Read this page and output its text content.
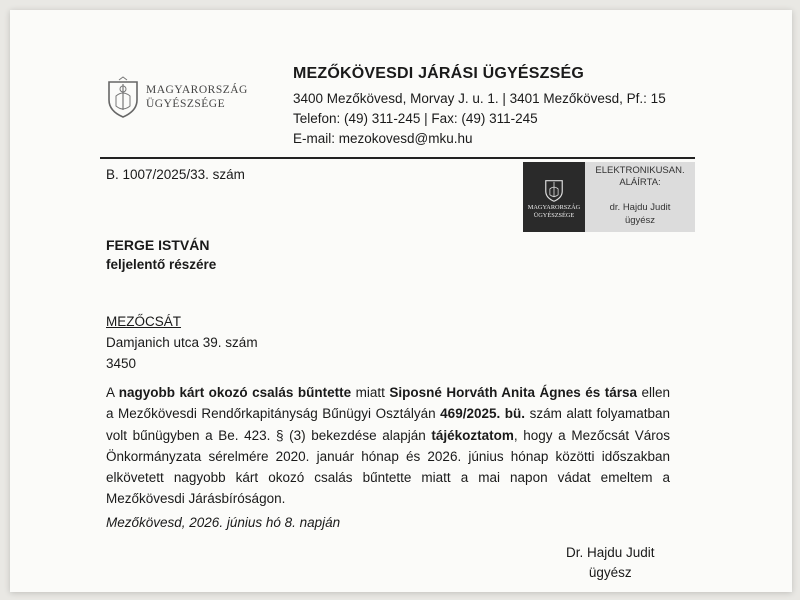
MAGYARORSZÁG
ÜGYÉSZSÉGE
MEZŐKÖVESDI JÁRÁSI ÜGYÉSZSÉG
3400 Mezőkövesd, Morvay J. u. 1. | 3401 Mezőkövesd, Pf.: 15
Telefon: (49) 311-245 | Fax: (49) 311-245
E-mail: mezokovesd@mku.hu
B. 1007/2025/33. szám
MAGYARORSZÁG
ÜGYÉSZSÉGE
ELEKTRONIKUSAN.
ALÁÍRTA:
dr. Hajdu Judit
ügyész
FERGE ISTVÁN
feljelentő részére
MEZŐCSÁT
Damjanich utca 39. szám
3450
A nagyobb kárt okozó csalás bűntette miatt Siposné Horváth Anita Ágnes és társa ellen a Mezőkövesdi Rendőrkapitányság Bűnügyi Osztályán 469/2025. bü. szám alatt folyamatban volt bűnügyben a Be. 423. § (3) bekezdése alapján tájékoztatom, hogy a Mezőcsát Város Önkormányzata sérelmére 2020. január hónap és 2026. június hónap közötti időszakban elkövetett nagyobb kárt okozó csalás bűntette miatt a mai napon vádat emeltem a Mezőkövesdi Járásbíróságon.
Mezőkövesd, 2026. június hó 8. napján
Dr. Hajdu Judit
ügyész
